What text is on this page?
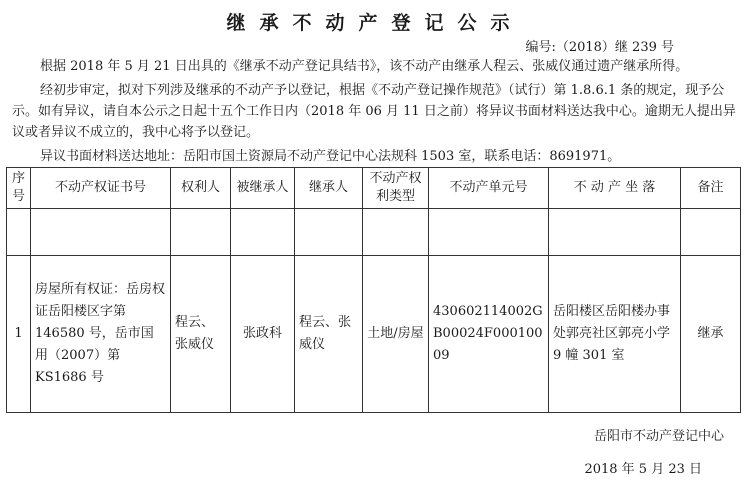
继承不动产登记公示
编号:（2018）继 239 号
根据 2018 年 5 月 21 日出具的《继承不动产登记具结书》，该不动产由继承人程云、张威仪通过遗产继承所得。
经初步审定，拟对下列涉及继承的不动产予以登记，根据《不动产登记操作规范》（试行）第 1.8.6.1 条的规定，现予公示。如有异议，请自本公示之日起十五个工作日内（2018 年 06 月 11 日之前）将异议书面材料送达我中心。逾期无人提出异议或者异议不成立的，我中心将予以登记。
异议书面材料送达地址：岳阳市国土资源局不动产登记中心法规科 1503 室，联系电话：8691971。
序号	不动产权证书号	权利人	被继承人	继承人	不动产权利类型	不动产单元号	不 动 产 坐 落	备注

1	房屋所有权证：岳房权证岳阳楼区字第 146580 号，岳市国用（2007）第 KS1686 号	程云、张威仪	张政科	程云、张威仪	土地/房屋	430602114002GB00024F00010009	岳阳楼区岳阳楼办事处郭亮社区郭亮小学 9 幢 301 室	继承
岳阳市不动产登记中心
2018 年 5 月 23 日
